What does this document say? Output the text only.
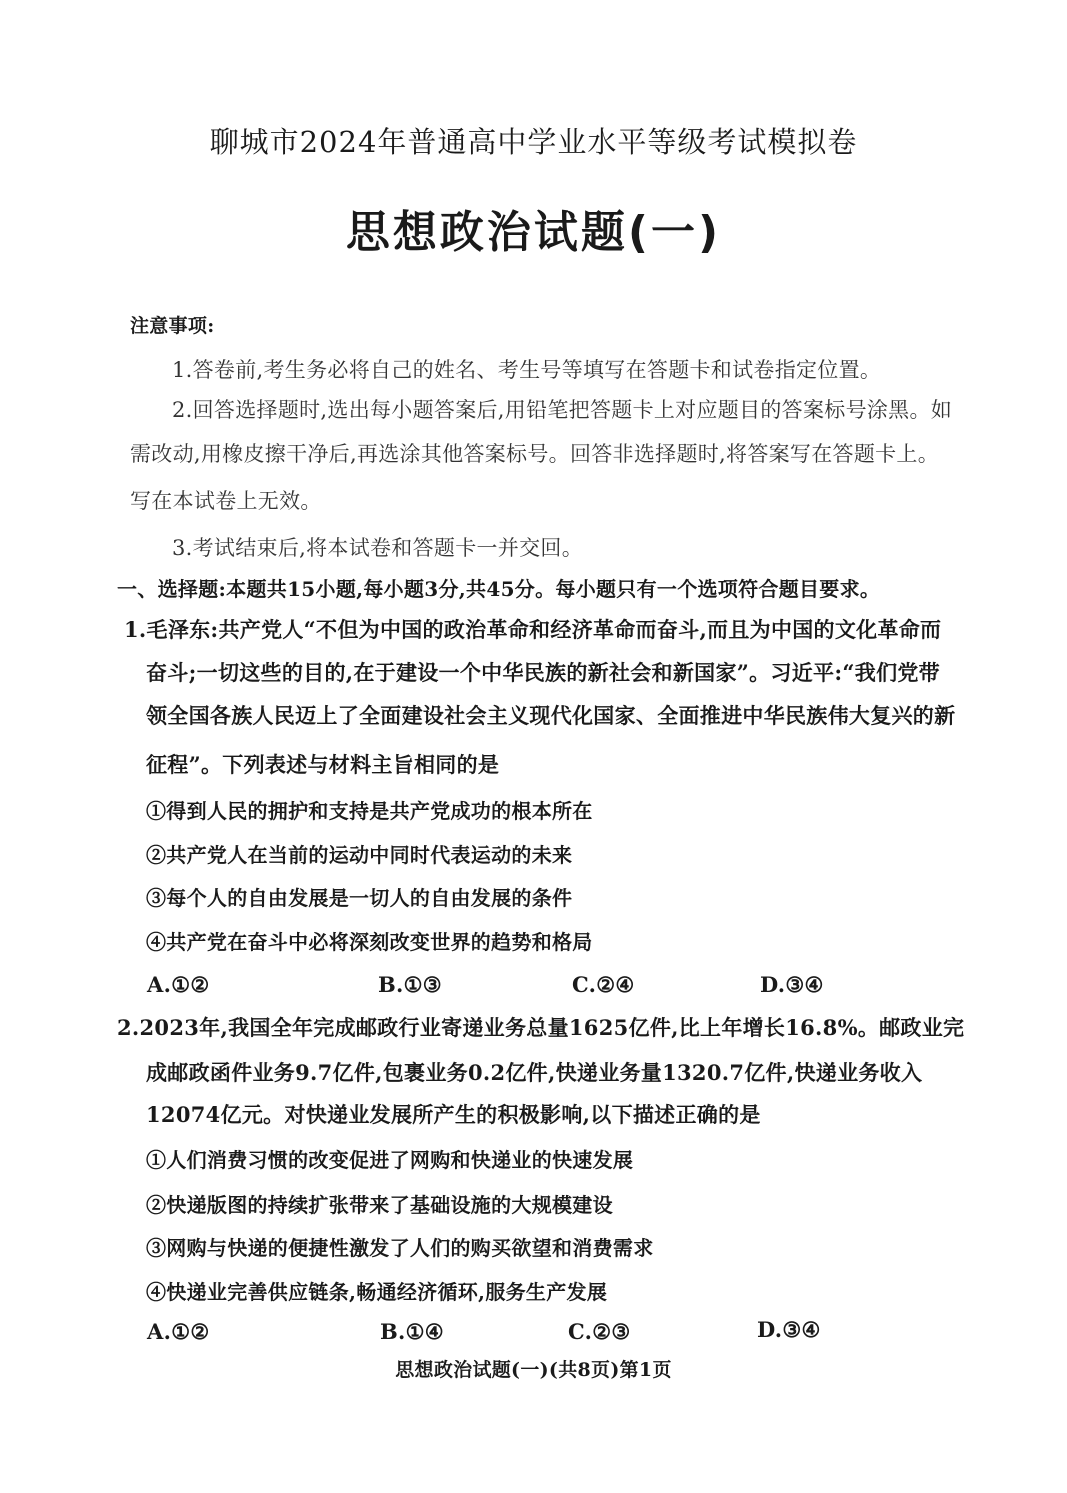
聊城市2024年普通高中学业水平等级考试模拟卷
思想政治试题(一)
注意事项:
1.答卷前,考生务必将自己的姓名、考生号等填写在答题卡和试卷指定位置。
2.回答选择题时,选出每小题答案后,用铅笔把答题卡上对应题目的答案标号涂黑。如
需改动,用橡皮擦干净后,再选涂其他答案标号。回答非选择题时,将答案写在答题卡上。
写在本试卷上无效。
3.考试结束后,将本试卷和答题卡一并交回。
一、选择题:本题共15小题,每小题3分,共45分。每小题只有一个选项符合题目要求。
1.毛泽东:共产党人“不但为中国的政治革命和经济革命而奋斗,而且为中国的文化革命而
奋斗;一切这些的目的,在于建设一个中华民族的新社会和新国家”。习近平:“我们党带
领全国各族人民迈上了全面建设社会主义现代化国家、全面推进中华民族伟大复兴的新
征程”。下列表述与材料主旨相同的是
①得到人民的拥护和支持是共产党成功的根本所在
②共产党人在当前的运动中同时代表运动的未来
③每个人的自由发展是一切人的自由发展的条件
④共产党在奋斗中必将深刻改变世界的趋势和格局
A.①②	B.①③	C.②④	D.③④
2.2023年,我国全年完成邮政行业寄递业务总量1625亿件,比上年增长16.8%。邮政业完
成邮政函件业务9.7亿件,包裹业务0.2亿件,快递业务量1320.7亿件,快递业务收入
12074亿元。对快递业发展所产生的积极影响,以下描述正确的是
①人们消费习惯的改变促进了网购和快递业的快速发展
②快递版图的持续扩张带来了基础设施的大规模建设
③网购与快递的便捷性激发了人们的购买欲望和消费需求
④快递业完善供应链条,畅通经济循环,服务生产发展
A.①②	B.①④	C.②③	D.③④
思想政治试题(一)(共8页)第1页
